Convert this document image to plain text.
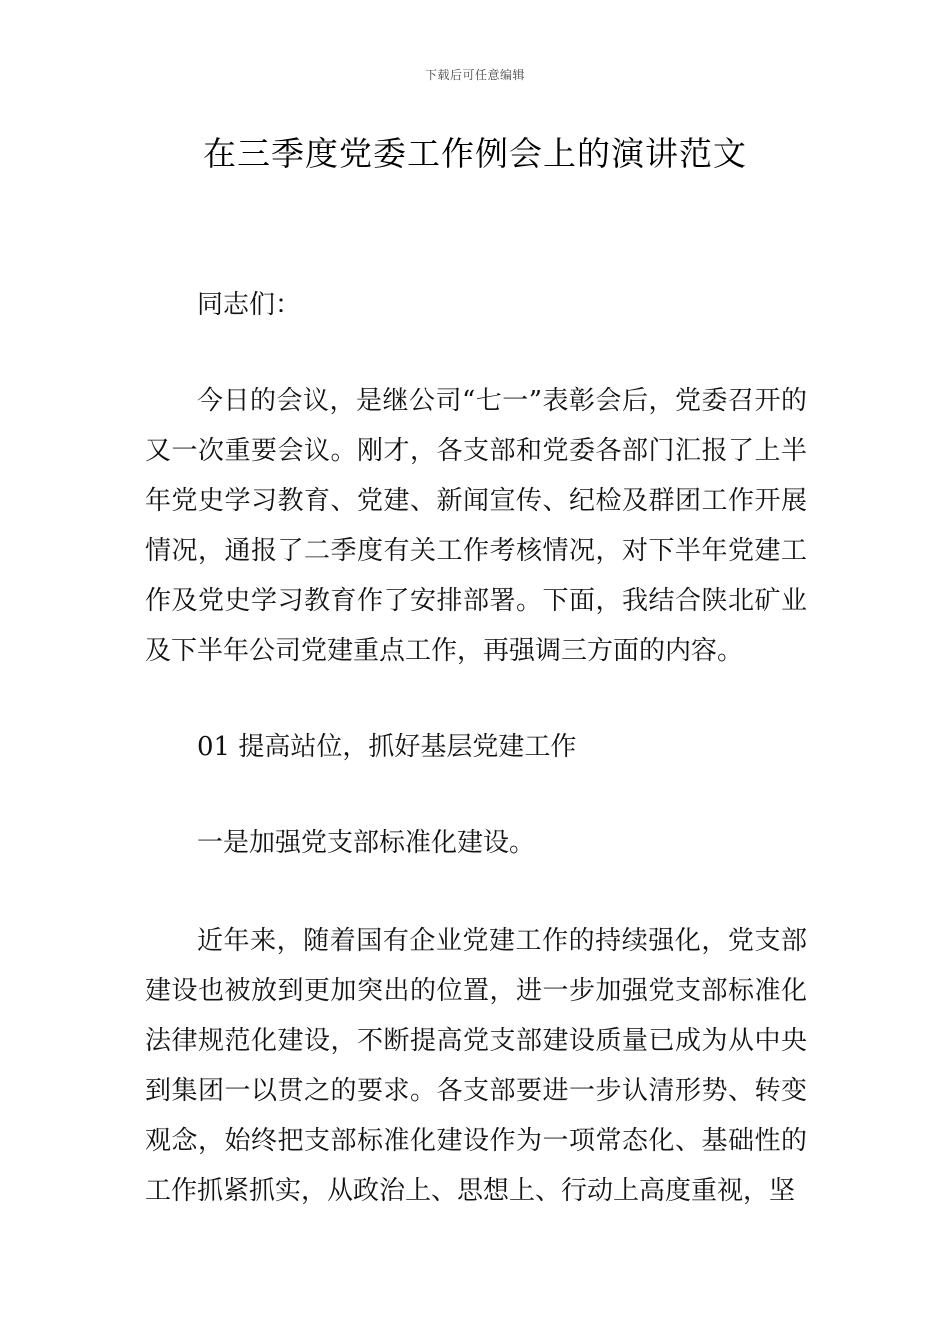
下载后可任意编辑
在三季度党委工作例会上的演讲范文

同志们：

今日的会议，是继公司“七一”表彰会后，党委召开的又一次重要会议。刚才，各支部和党委各部门汇报了上半年党史学习教育、党建、新闻宣传、纪检及群团工作开展情况，通报了二季度有关工作考核情况，对下半年党建工作及党史学习教育作了安排部署。下面，我结合陕北矿业及下半年公司党建重点工作，再强调三方面的内容。

01 提高站位，抓好基层党建工作

一是加强党支部标准化建设。

近年来，随着国有企业党建工作的持续强化，党支部建设也被放到更加突出的位置，进一步加强党支部标准化法律规范化建设，不断提高党支部建设质量已成为从中央到集团一以贯之的要求。各支部要进一步认清形势、转变观念，始终把支部标准化建设作为一项常态化、基础性的工作抓紧抓实，从政治上、思想上、行动上高度重视，坚
